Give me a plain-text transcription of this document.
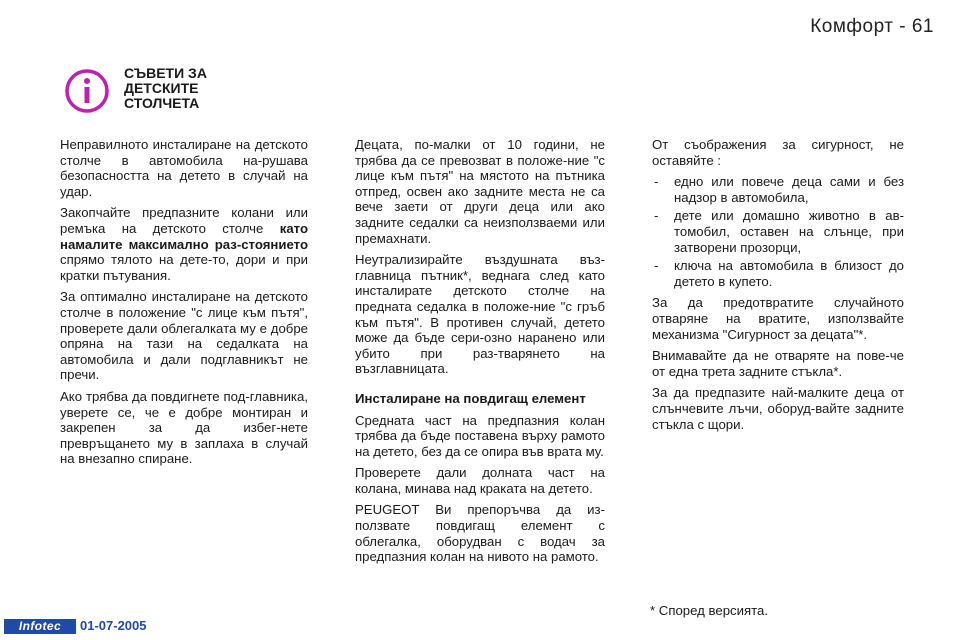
Комфорт - 61
СЪВЕТИ ЗА
ДЕТСКИТЕ
СТОЛЧЕТА

Неправилното инсталиране на детското столче в автомобила на-рушава безопасността на детето в случай на удар.

Закопчайте предпазните колани или ремъка на детското столче като намалите максимално раз-стоянието спрямо тялото на дете-то, дори и при кратки пътувания.

За оптимално инсталиране на детското столче в положение "с лице към пътя", проверете дали облегалката му е добре опряна на тази на седалката на автомобила и дали подглавникът не пречи.

Ако трябва да повдигнете под-главника, уверете се, че е добре монтиран и закрепен за да избег-нете превръщането му в заплаха в случай на внезапно спиране.

Децата, по-малки от 10 години, не трябва да се превозват в положе-ние "с лице към пътя" на мястото на пътника отпред, освен ако задните места не са вече заети от други деца или ако задните седалки са неизползваеми или премахнати.

Неутрализирайте въздушната въз-главница пътник*, веднага след като инсталирате детското столче на предната седалка в положе-ние "с гръб към пътя". В противен случай, детето може да бъде сери-озно наранено или убито при раз-тварянето на възглавницата.

Инсталиране на повдигащ елемент

Средната част на предпазния колан трябва да бъде поставена върху рамото на детето, без да се опира във врата му.

Проверете дали долната част на колана, минава над краката на детето.

PEUGEOT Ви препоръчва да из-ползвате повдигащ елемент с облегалка, оборудван с водач за предпазния колан на нивото на рамото.

От съображения за сигурност, не оставяйте :

- едно или повече деца сами и без надзор в автомобила,
- дете или домашно животно в ав-томобил, оставен на слънце, при затворени прозорци,
- ключа на автомобила в близост до детето в купето.

За да предотвратите случайното отваряне на вратите, използвайте механизма "Сигурност за децата"*.

Внимавайте да не отваряте на пове-че от една трета задните стъкла*.

За да предпазите най-малките деца от слънчевите лъчи, оборуд-вайте задните стъкла с щори.

* Според версията.
Infotec	01-07-2005
